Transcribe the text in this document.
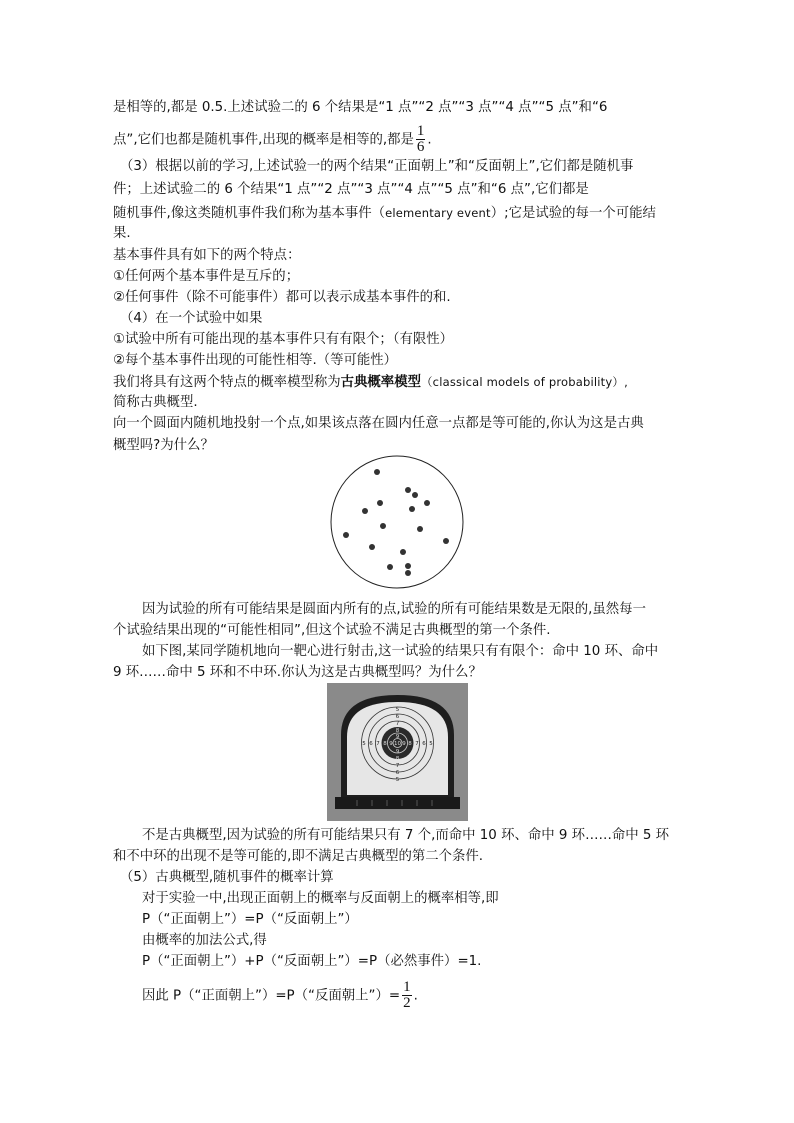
是相等的,都是 0.5.上述试验二的 6 个结果是“1 点”“2 点”“3 点”“4 点”“5 点”和“6
点”,它们也都是随机事件,出现的概率是相等的,都是 $\frac{1}{6}$ .
（3）根据以前的学习,上述试验一的两个结果“正面朝上”和“反面朝上”,它们都是随机事
件；上述试验二的 6 个结果“1 点”“2 点”“3 点”“4 点”“5 点”和“6 点”,它们都是
随机事件,像这类随机事件我们称为基本事件（elementary event）;它是试验的每一个可能结
果.
基本事件具有如下的两个特点：
①任何两个基本事件是互斥的；
②任何事件（除不可能事件）都可以表示成基本事件的和.
（4）在一个试验中如果
①试验中所有可能出现的基本事件只有有限个；（有限性）
②每个基本事件出现的可能性相等.（等可能性）
我们将具有这两个特点的概率模型称为古典概率模型（classical models of probability）,
简称古典概型.
向一个圆面内随机地投射一个点,如果该点落在圆内任意一点都是等可能的,你认为这是古典
概型吗?为什么？
因为试验的所有可能结果是圆面内所有的点,试验的所有可能结果数是无限的,虽然每一
个试验结果出现的“可能性相同”,但这个试验不满足古典概型的第一个条件.
如下图,某同学随机地向一靶心进行射击,这一试验的结果只有有限个：命中 10 环、命中
9 环……命中 5 环和不中环.你认为这是古典概型吗？为什么？
5
6
7
8
9
5 6 7 8 9 10 9 8 7 6 5
9
8
7
6
5
不是古典概型,因为试验的所有可能结果只有 7 个,而命中 10 环、命中 9 环……命中 5 环
和不中环的出现不是等可能的,即不满足古典概型的第二个条件.
（5）古典概型,随机事件的概率计算
对于实验一中,出现正面朝上的概率与反面朝上的概率相等,即
P（“正面朝上”）=P（“反面朝上”）
由概率的加法公式,得
P（“正面朝上”）+P（“反面朝上”）=P（必然事件）=1.
因此 P（“正面朝上”）=P（“反面朝上”）= $\frac{1}{2}$ .
